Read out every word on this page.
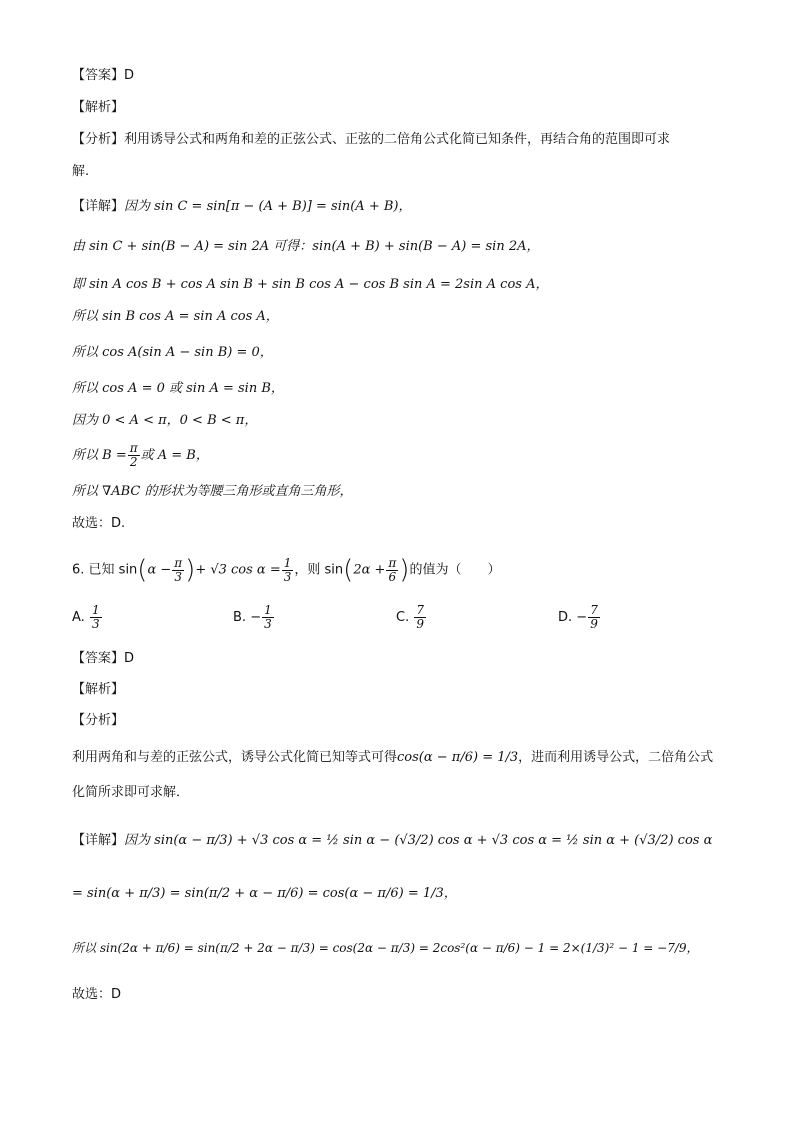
【答案】D
【解析】
【分析】利用诱导公式和两角和差的正弦公式、正弦的二倍角公式化简已知条件，再结合角的范围即可求
解.
【详解】因为 sin C = sin[π − (A + B)] = sin(A + B)，
由 sin C + sin(B − A) = sin 2A 可得：sin(A + B) + sin(B − A) = sin 2A，
即 sin A cos B + cos A sin B + sin B cos A − cos B sin A = 2sin A cos A，
所以 sin B cos A = sin A cos A，
所以 cos A(sin A − sin B) = 0，
所以 cos A = 0 或 sin A = sin B，
因为 0 < A < π，0 < B < π，
所以 $B = \frac{\pi}{2}$ 或 A = B，
所以 ∇ABC 的形状为等腰三角形或直角三角形，
故选：D.
6. 已知 $\sin(\alpha - \frac{\pi}{3}$ )+ √3 $\cos \alpha = \frac{1}{3}$ ，则 $\sin(2\alpha + \frac{\pi}{6}$ )的值为（　　）
A. $\frac{1}{3}$	B. − $\frac{1}{3}$	C. $\frac{7}{9}$	D. − $\frac{7}{9}$
【答案】D
【解析】
【分析】
利用两角和与差的正弦公式，诱导公式化简已知等式可得cos(α − π/6) = 1/3，进而利用诱导公式，二倍角公式
化简所求即可求解．
【详解】因为 sin(α − π/3) + √3 cos α = ½ sin α − (√3/2) cos α + √3 cos α = ½ sin α + (√3/2) cos α
= sin(α + π/3) = sin(π/2 + α − π/6) = cos(α − π/6) = 1/3，
所以 sin(2α + π/6) = sin(π/2 + 2α − π/3) = cos(2α − π/3) = 2cos²(α − π/6) − 1 = 2×(1/3)² − 1 = −7/9，
故选：D
